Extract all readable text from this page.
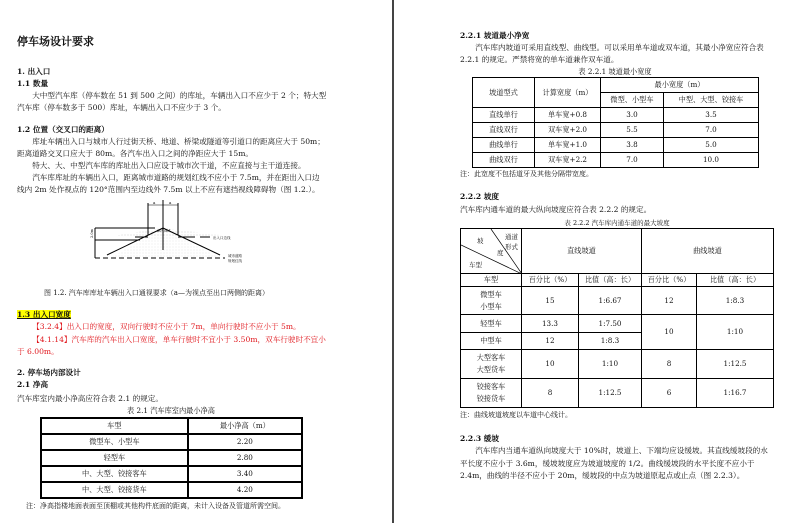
停车场设计要求
1. 出入口
1.1 数量
大中型汽车库（停车数在 51 到 500 之间）的库址，车辆出入口不应少于 2 个；特大型汽车库（停车数多于 500）库址，车辆出入口不应少于 3 个。
1.2 位置（交叉口的距离）
库址车辆出入口与城市人行过街天桥、地道、桥梁或隧道等引道口的距离应大于 50m；距离道路交叉口应大于 80m。各汽车出入口之间的净距应大于 15m。
特大、大、中型汽车库的库址出入口应设于城市次干道，不应直接与主干道连接。
汽车库库址的车辆出入口，距离城市道路的规划红线不应小于 7.5m，并在距出入口边线内 2m 处作视点的 120°范围内至边线外 7.5m 以上不应有遮挡视线障碍物（图 1.2.）。
a	a
2.0m	60° 60°
出入口边线
城市道路
规划红线
图 1.2. 汽车库库址车辆出入口通视要求（a—为视点至出口两侧的距离）
1.3 出入口宽度
【3.2.4】出入口的宽度，双向行驶时不应小于 7m，单向行驶时不应小于 5m。
【4.1.14】汽车库的汽车出入口宽度，单车行驶时不宜小于 3.50m，双车行驶时不宜小于 6.00m。
2. 停车场内部设计
2.1 净高
汽车库室内最小净高应符合表 2.1 的规定。
表 2.1 汽车库室内最小净高
车型	最小净高（m）
微型车、小型车	2.20
轻型车	2.80
中、大型、铰接客车	3.40
中、大型、铰接货车	4.20
注：净高指楼地面表面至顶棚或其他构件底面的距离，未计入设备及管道所需空间。
2.2.1 坡道最小净宽
汽车库内坡道可采用直线型、曲线型。可以采用单车道或双车道，其最小净宽应符合表 2.2.1 的规定。严禁将宽的单车道兼作双车道。
表 2.2.1 坡道最小宽度
坡道型式	计算宽度（m）	最小宽度（m）	
		微型、小型车	中型、大型、铰接车
直线单行	单车宽+0.8	3.0	3.5
直线双行	双车宽+2.0	5.5	7.0
曲线单行	单车宽+1.0	3.8	5.0
曲线双行	双车宽+2.2	7.0	10.0
注：此宽度不包括道牙及其他分隔带宽度。
2.2.2 坡度
汽车库内通车道的最大纵向坡度应符合表 2.2.2 的规定。
表 2.2.2 汽车库内通车道的最大坡度
通道
形式
坡
度
车型	直线坡道		曲线坡道	
车型	百分比（%）	比值（高：长）	百分比（%）	比值（高：长）
微型车
小型车	15	1:6.67	12	1:8.3
轻型车	13.3	1:7.50	10	1:10
中型车	12	1:8.3		
大型客车
大型货车	10	1:10	8	1:12.5
铰接客车
铰接货车	8	1:12.5	6	1:16.7
注：曲线坡道坡度以车道中心线计。
2.2.3 缓坡
汽车库内当通车道纵向坡度大于 10%时，坡道上、下端均应设缓坡。其直线缓坡段的水平长度不应小于 3.6m，缓坡坡度应为坡道坡度的 1/2。曲线缓坡段的水平长度不应小于 2.4m，曲线的半径不应小于 20m，缓坡段的中点为坡道原起点或止点（图 2.2.3）。
